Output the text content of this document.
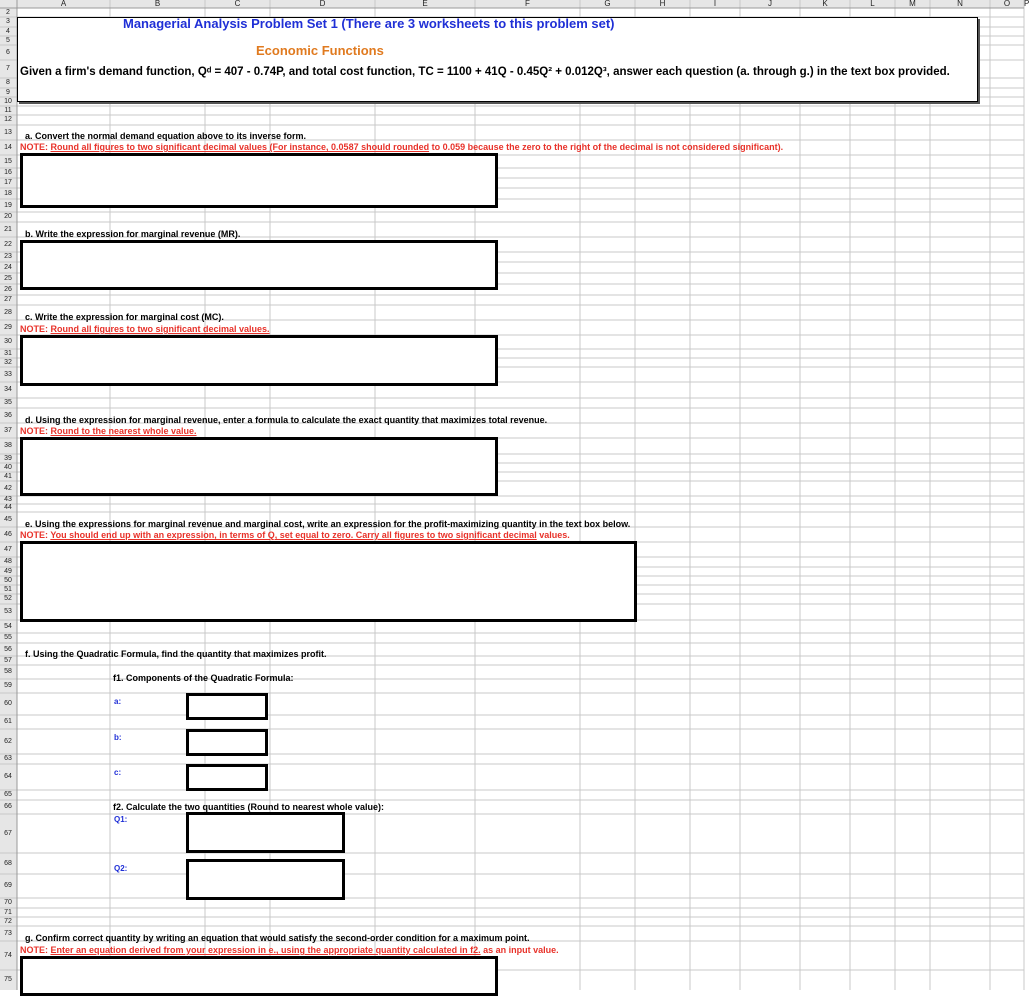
A	B	C	D	E	F	G	H	I	J	K	L	M	N	O	P
2
3
4
5
6
7
8
9
10
11
12
13
14
15
16
17
18
19
20
21
22
23
24
25
26
27
28
29
30
31
32
33
34
35
36
37
38
39
40
41
42
43
44
45
46
47
48
49
50
51
52
53
54
55
56
57
58
59
60
61
62
63
64
65
66
67
68
69
70
71
72
73
74
75
Managerial Analysis Problem Set 1 (There are 3 worksheets to this problem set)
Economic Functions
Given a firm's demand function, Qᵈ = 407 - 0.74P, and total cost function, TC = 1100 + 41Q - 0.45Q² + 0.012Q³, answer each question (a. through g.) in the text box provided.
a. Convert the normal demand equation above to its inverse form.
NOTE: Round all figures to two significant decimal values (For instance, 0.0587 should rounded to 0.059 because the zero to the right of the decimal is not considered significant).
b. Write the expression for marginal revenue (MR).
c. Write the expression for marginal cost (MC).
NOTE: Round all figures to two significant decimal values.
d. Using the expression for marginal revenue, enter a formula to calculate the exact quantity that maximizes total revenue.
NOTE: Round to the nearest whole value.
e. Using the expressions for marginal revenue and marginal cost, write an expression for the profit-maximizing quantity in the text box below.
NOTE: You should end up with an expression, in terms of Q, set equal to zero. Carry all figures to two significant decimal values.
f. Using the Quadratic Formula, find the quantity that maximizes profit.
f1. Components of the Quadratic Formula:
a:
b:
c:
f2. Calculate the two quantities (Round to nearest whole value):
Q1:
Q2:
g. Confirm correct quantity by writing an equation that would satisfy the second-order condition for a maximum point.
NOTE: Enter an equation derived from your expression in e., using the appropriate quantity calculated in f2. as an input value.
